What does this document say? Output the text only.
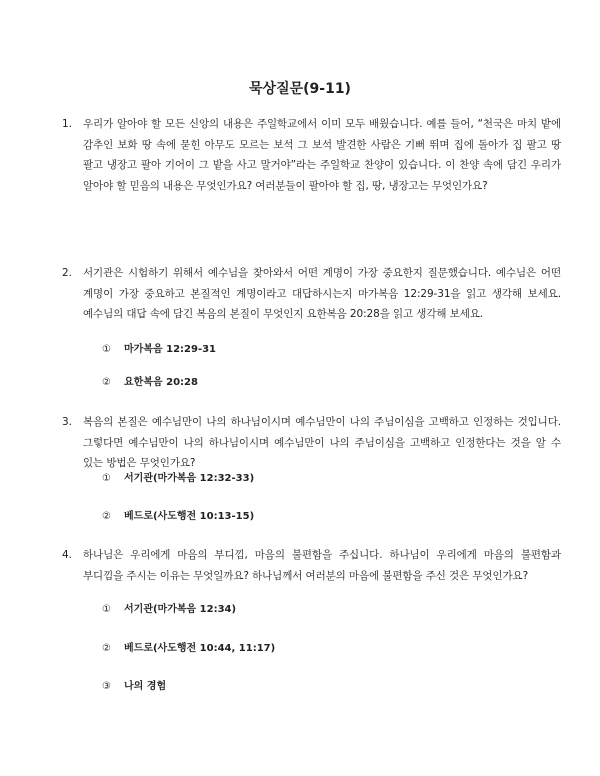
묵상질문(9-11)
1. 우리가 알아야 할 모든 신앙의 내용은 주일학교에서 이미 모두 배웠습니다. 예를 들어, “천국은 마치 밭에 감추인 보화 땅 속에 묻힌 아무도 모르는 보석 그 보석 발견한 사람은 기뻐 뛰며 집에 돌아가 집 팔고 땅 팔고 냉장고 팔아 기어이 그 밭을 사고 말거야”라는 주일학교 찬양이 있습니다. 이 찬양 속에 담긴 우리가 알아야 할 믿음의 내용은 무엇인가요? 여러분들이 팔아야 할 집, 땅, 냉장고는 무엇인가요?
2. 서기관은 시험하기 위해서 예수님을 찾아와서 어떤 계명이 가장 중요한지 질문했습니다. 예수님은 어떤 계명이 가장 중요하고 본질적인 계명이라고 대답하시는지 마가복음 12:29-31을 읽고 생각해 보세요. 예수님의 대답 속에 담긴 복음의 본질이 무엇인지 요한복음 20:28을 읽고 생각해 보세요.
① 마가복음 12:29-31
② 요한복음 20:28
3. 복음의 본질은 예수님만이 나의 하나님이시며 예수님만이 나의 주님이심을 고백하고 인정하는 것입니다. 그렇다면 예수님만이 나의 하나님이시며 예수님만이 나의 주님이심을 고백하고 인정한다는 것을 알 수 있는 방법은 무엇인가요?
① 서기관(마가복음 12:32-33)
② 베드로(사도행전 10:13-15)
4. 하나님은 우리에게 마음의 부디낌, 마음의 불편함을 주십니다. 하나님이 우리에게 마음의 불편함과 부디낌을 주시는 이유는 무엇일까요? 하나님께서 여러분의 마음에 불편함을 주신 것은 무엇인가요?
① 서기관(마가복음 12:34)
② 베드로(사도행전 10:44, 11:17)
③ 나의 경험
